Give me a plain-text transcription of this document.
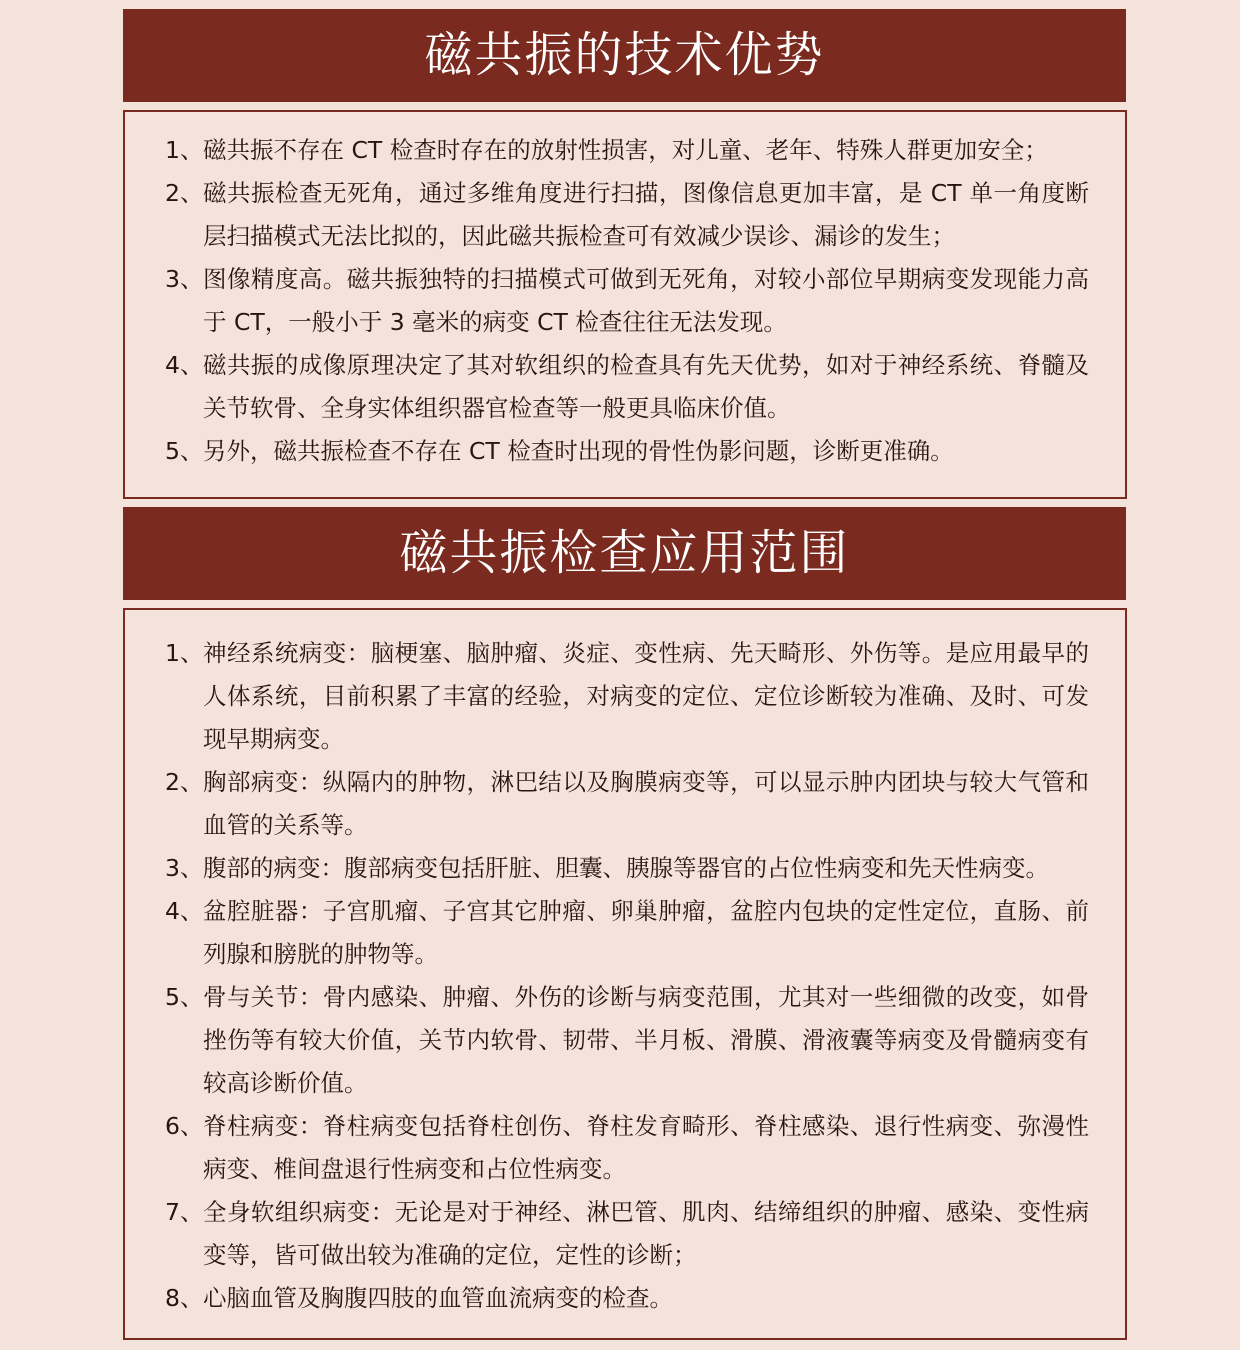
磁共振的技术优势
1、 磁共振不存在 CT 检查时存在的放射性损害，对儿童、老年、特殊人群更加安全；
2、 磁共振检查无死角，通过多维角度进行扫描，图像信息更加丰富，是 CT 单一角度断层扫描模式无法比拟的，因此磁共振检查可有效减少误诊、漏诊的发生；
3、 图像精度高。磁共振独特的扫描模式可做到无死角，对较小部位早期病变发现能力高于 CT，一般小于 3 毫米的病变 CT 检查往往无法发现。
4、 磁共振的成像原理决定了其对软组织的检查具有先天优势，如对于神经系统、脊髓及关节软骨、全身实体组织器官检查等一般更具临床价值。
5、 另外，磁共振检查不存在 CT 检查时出现的骨性伪影问题，诊断更准确。
磁共振检查应用范围
1、 神经系统病变：脑梗塞、脑肿瘤、炎症、变性病、先天畸形、外伤等。是应用最早的人体系统，目前积累了丰富的经验，对病变的定位、定位诊断较为准确、及时、可发现早期病变。
2、 胸部病变：纵隔内的肿物，淋巴结以及胸膜病变等，可以显示肿内团块与较大气管和血管的关系等。
3、 腹部的病变：腹部病变包括肝脏、胆囊、胰腺等器官的占位性病变和先天性病变。
4、 盆腔脏器：子宫肌瘤、子宫其它肿瘤、卵巢肿瘤，盆腔内包块的定性定位，直肠、前列腺和膀胱的肿物等。
5、 骨与关节：骨内感染、肿瘤、外伤的诊断与病变范围，尤其对一些细微的改变，如骨挫伤等有较大价值，关节内软骨、韧带、半月板、滑膜、滑液囊等病变及骨髓病变有较高诊断价值。
6、 脊柱病变：脊柱病变包括脊柱创伤、脊柱发育畸形、脊柱感染、退行性病变、弥漫性病变、椎间盘退行性病变和占位性病变。
7、 全身软组织病变：无论是对于神经、淋巴管、肌肉、结缔组织的肿瘤、感染、变性病变等，皆可做出较为准确的定位，定性的诊断；
8、 心脑血管及胸腹四肢的血管血流病变的检查。
